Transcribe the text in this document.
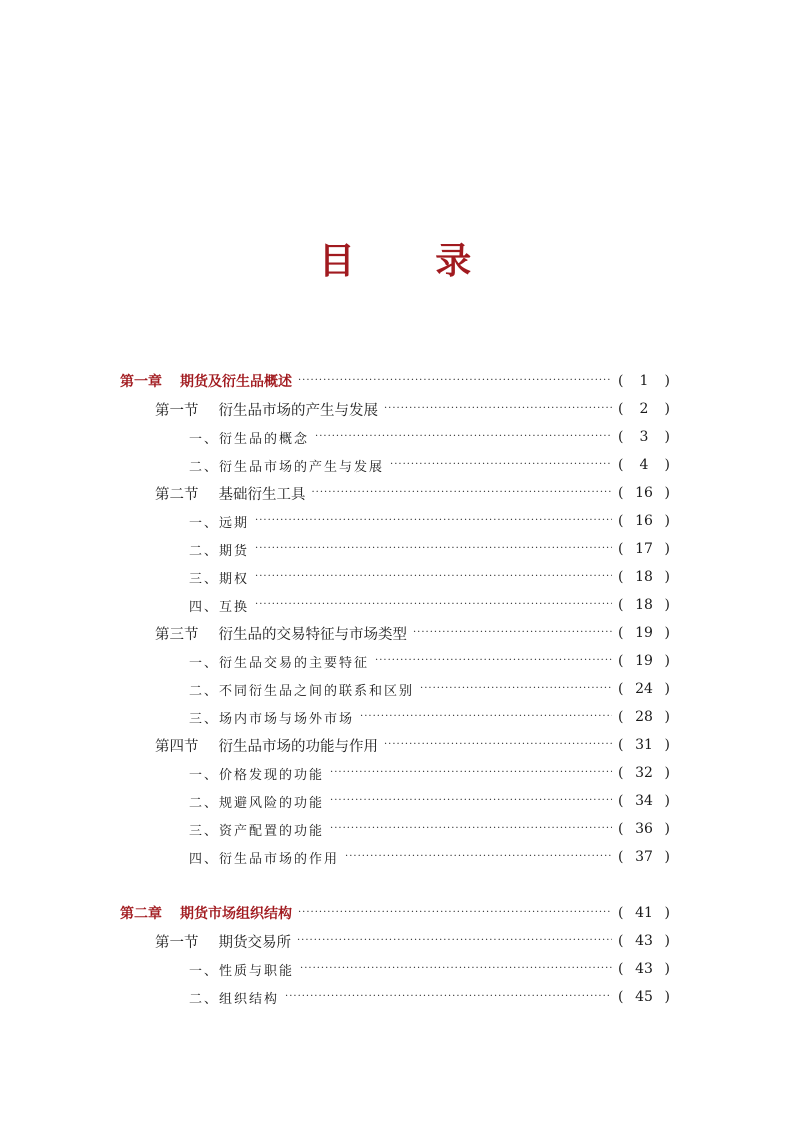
目 录
第一章 期货及衍生品概述 ·····	(	1	)
第一节 衍生品市场的产生与发展 ·····	(	2	)
一、衍生品的概念 ·····	(	3	)
二、衍生品市场的产生与发展 ·····	(	4	)
第二节 基础衍生工具 ·····	( 16 )
一、远期 ·····	( 16 )
二、期货 ·····	( 17 )
三、期权 ·····	( 18 )
四、互换 ·····	( 18 )
第三节 衍生品的交易特征与市场类型 ·····	( 19 )
一、衍生品交易的主要特征 ·····	( 19 )
二、不同衍生品之间的联系和区别 ·····	( 24 )
三、场内市场与场外市场 ·····	( 28 )
第四节 衍生品市场的功能与作用 ·····	( 31 )
一、价格发现的功能 ·····	( 32 )
二、规避风险的功能 ·····	( 34 )
三、资产配置的功能 ·····	( 36 )
四、衍生品市场的作用 ·····	( 37 )
第二章 期货市场组织结构 ·····	( 41 )
第一节 期货交易所 ·····	( 43 )
一、性质与职能 ·····	( 43 )
二、组织结构 ·····	( 45 )
